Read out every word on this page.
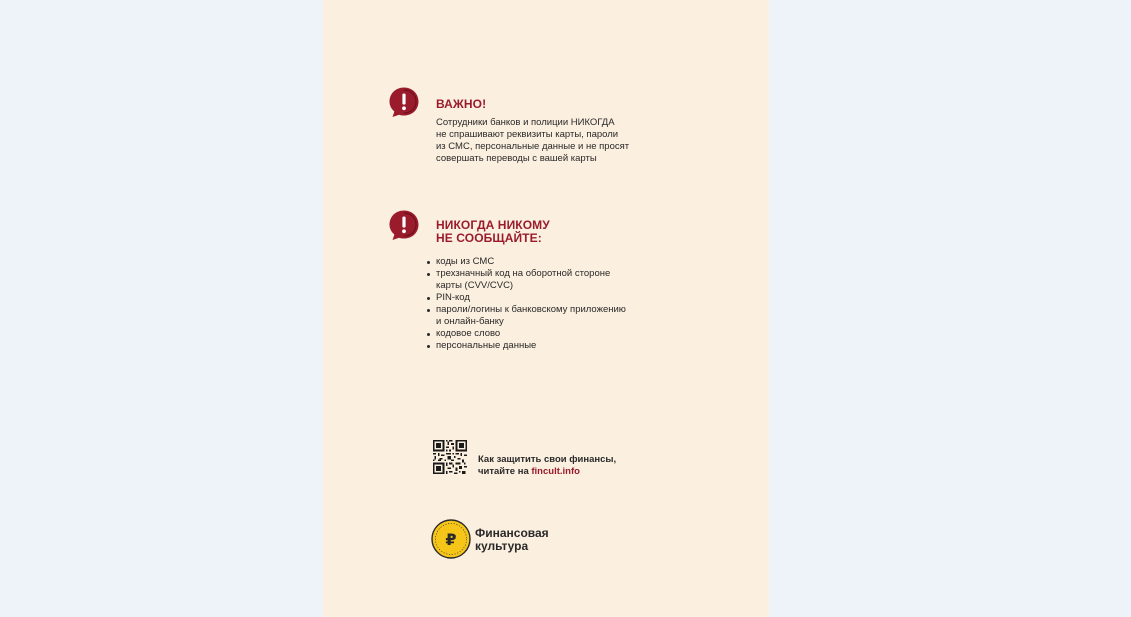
ВАЖНО!
Сотрудники банков и полиции НИКОГДА
не спрашивают реквизиты карты, пароли
из СМС, персональные данные и не просят
совершать переводы с вашей карты
НИКОГДА НИКОМУ
НЕ СООБЩАЙТЕ:
коды из СМС
трехзначный код на оборотной стороне
карты (CVV/CVC)
PIN-код
пароли/логины к банковскому приложению
и онлайн-банку
кодовое слово
персональные данные
Как защитить свои финансы,
читайте на fincult.info
₽ Финансовая
культура
